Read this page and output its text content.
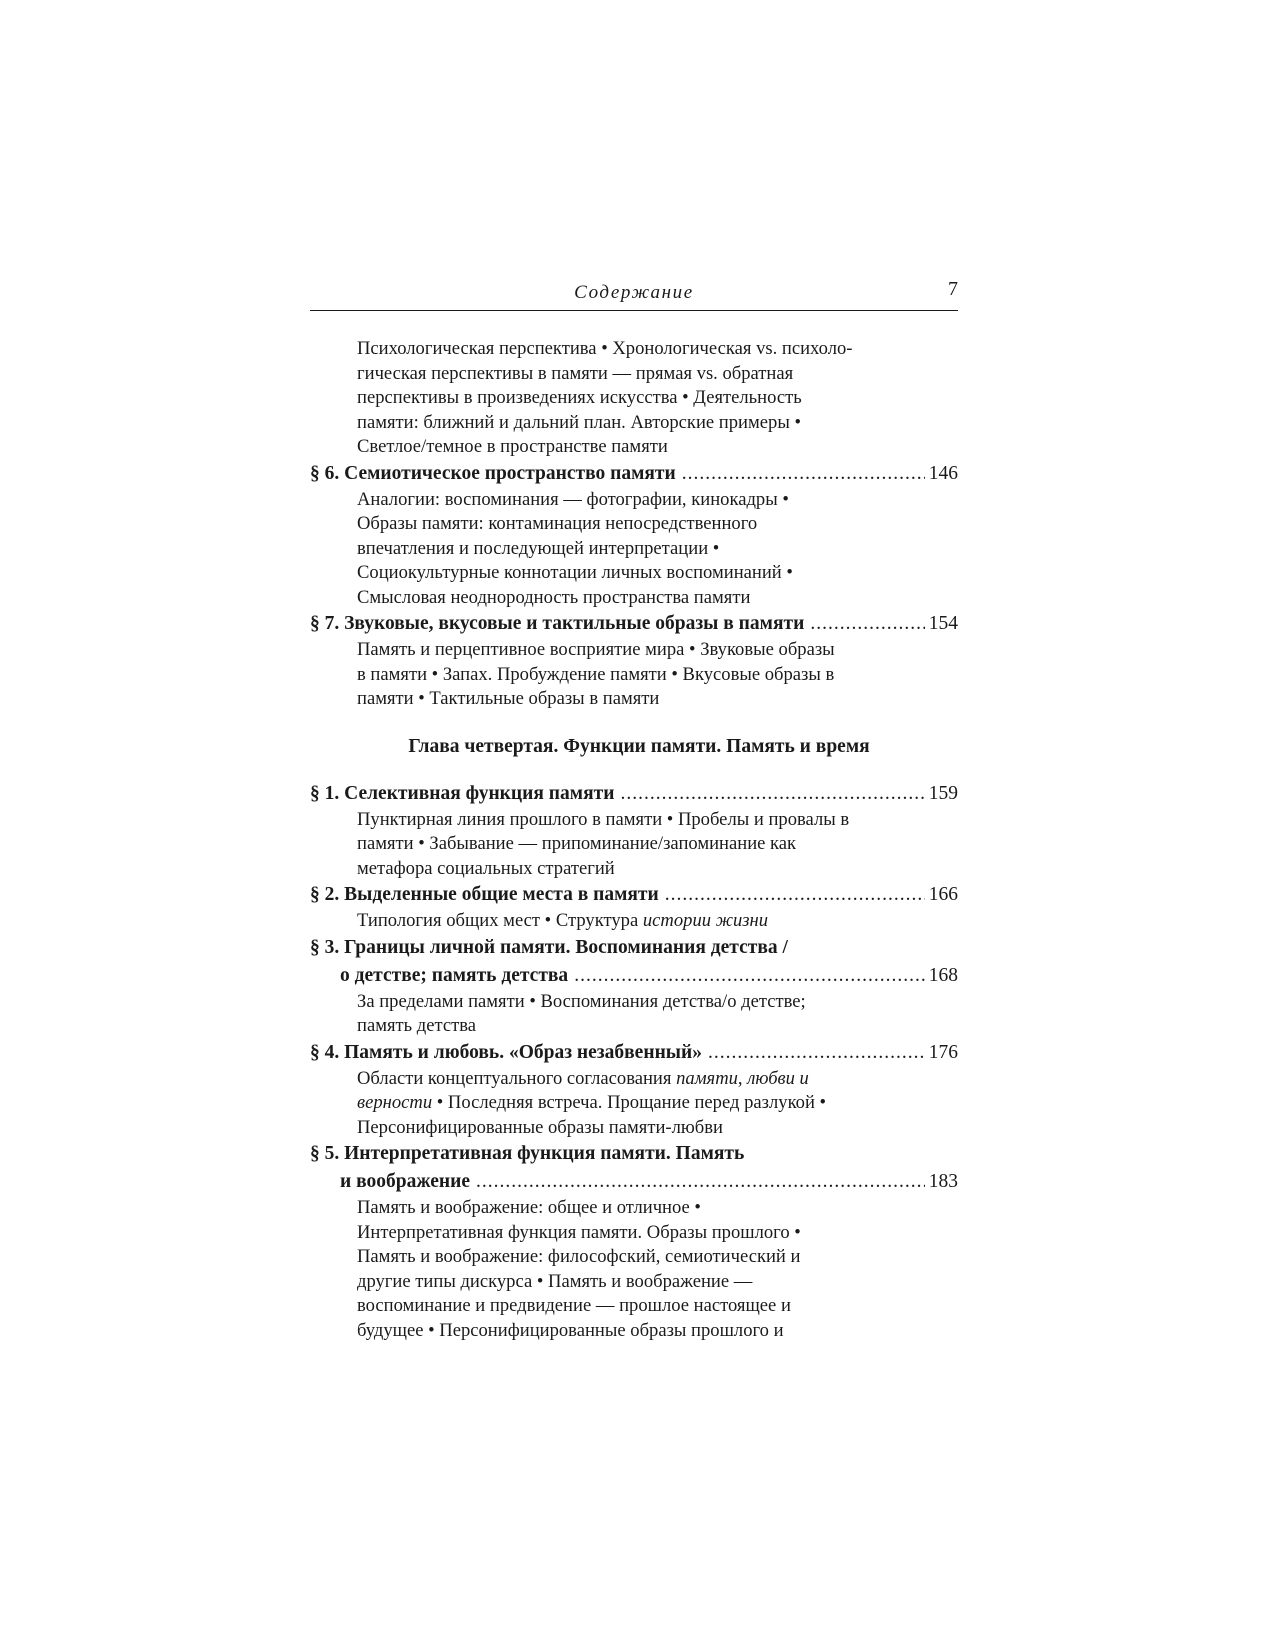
Содержание	7
Психологическая перспектива • Хронологическая vs. психоло-
гическая перспективы в памяти — прямая vs. обратная
перспективы в произведениях искусства • Деятельность
памяти: ближний и дальний план. Авторские примеры •
Светлое/темное в пространстве памяти
§ 6. Семиотическое пространство памяти .....	146
Аналогии: воспоминания — фотографии, кинокадры •
Образы памяти: контаминация непосредственного
впечатления и последующей интерпретации •
Социокультурные коннотации личных воспоминаний •
Смысловая неоднородность пространства памяти
§ 7. Звуковые, вкусовые и тактильные образы в памяти .....	154
Память и перцептивное восприятие мира • Звуковые образы
в памяти • Запах. Пробуждение памяти • Вкусовые образы в
памяти • Тактильные образы в памяти
Глава четвертая. Функции памяти. Память и время
§ 1. Селективная функция памяти .....	159
Пунктирная линия прошлого в памяти • Пробелы и провалы в
памяти • Забывание — припоминание/запоминание как
метафора социальных стратегий
§ 2. Выделенные общие места в памяти .....	166
Типология общих мест • Структура истории жизни
§ 3. Границы личной памяти. Воспоминания детства /
о детстве; память детства .....	168
За пределами памяти • Воспоминания детства/о детстве;
память детства
§ 4. Память и любовь. «Образ незабвенный» .....	176
Области концептуального согласования памяти, любви и
верности • Последняя встреча. Прощание перед разлукой •
Персонифицированные образы памяти-любви
§ 5. Интерпретативная функция памяти. Память
и воображение .....	183
Память и воображение: общее и отличное •
Интерпретативная функция памяти. Образы прошлого •
Память и воображение: философский, семиотический и
другие типы дискурса • Память и воображение —
воспоминание и предвидение — прошлое настоящее и
будущее • Персонифицированные образы прошлого и
